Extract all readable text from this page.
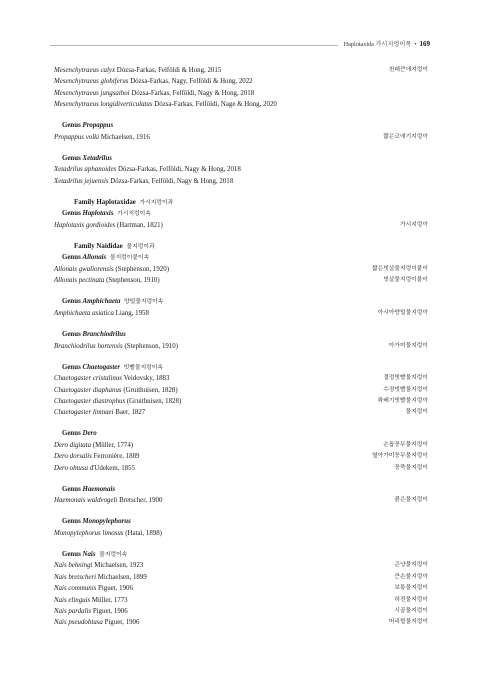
Haplotaxida 가시지렁이목 • 169
Mesenchytraeus calyx Dózsa-Farkas, Felföldi & Hong, 2015	천래큰애지렁이
Mesenchytraeus globiferus Dózsa-Farkas, Nagy, Felföldi & Hong, 2022
Mesenchytraeus jungsaihoi Dózsa-Farkas, Felföldi, Nagy & Hong, 2018
Mesenchytraeus longidiverticulatus Dózsa-Farkas, Felföldi, Nage & Hong, 2020
Genus Propappus
Propappus volki Michaelsen, 1916	짧은코애기지렁이
Genus Xetadrilus
Xetadrilus aphanoides Dózsa-Farkas, Felföldi, Nagy & Hong, 2018
Xetadrilus jejuensis Dózsa-Farkas, Felföldi, Nagy & Hong, 2018
Family Haplotaxidae 가시지렁이과
Genus Haplotaxis 가시지렁이속
Haplotaxis gordioides (Hartman, 1821)	가시지렁이
Family Naididae 물지렁이과
Genus Allonais 물지렁이붙이속
Allonais gwaliorensis (Stephenson, 1920)	짧은빗살물지렁이붙이
Allonais pectinata (Stephenson, 1910)	빗살물지렁이붙이
Genus Amphichaeta 양털물지렁이속
Amphichaeta asiatica Liang, 1958	아시아양털물지렁이
Genus Branchiodrilus
Branchiodrilus hortensis (Stephenson, 1910)	아가미물지렁이
Genus Chaetogaster 빗빨물지렁이속
Chaetogaster cristalinus Veidovsky, 1883	결정빗빨물지렁이
Chaetogaster diaphanus (Gruithuisen, 1828)	수정빗빨물지렁이
Chaetogaster diastrophus (Gruithuisen, 1828)	꽈배기빗빨물지렁이
Chaetogaster limnaei Baer, 1827	물지렁이
Genus Dero
Dero digitata (Müller, 1774)	손꼽꽁무물지렁이
Dero dorsalis Ferronière, 1889	옆아가미꽁무물지렁이
Dero obtusa d'Udekem, 1855	꽁뚝물지렁이
Genus Haemonais
Haemonais waldvogeli Bretscher, 1900	붉은물지렁이
Genus Monopylephorus
Monopylephorus limosus (Hatai, 1898)
Genus Nais 물지렁이속
Nais behningi Michaelsen, 1923	곤냥물지렁이
Nais bretscheri Michaelsen, 1899	큰손물지렁이
Nais communis Piguet, 1906	보통물지렁이
Nais elinguis Müller, 1773	허전물지렁이
Nais pardalis Piguet, 1906	시골물지렁이
Nais pseudobtusa Piguet, 1906	머리털물지렁이
